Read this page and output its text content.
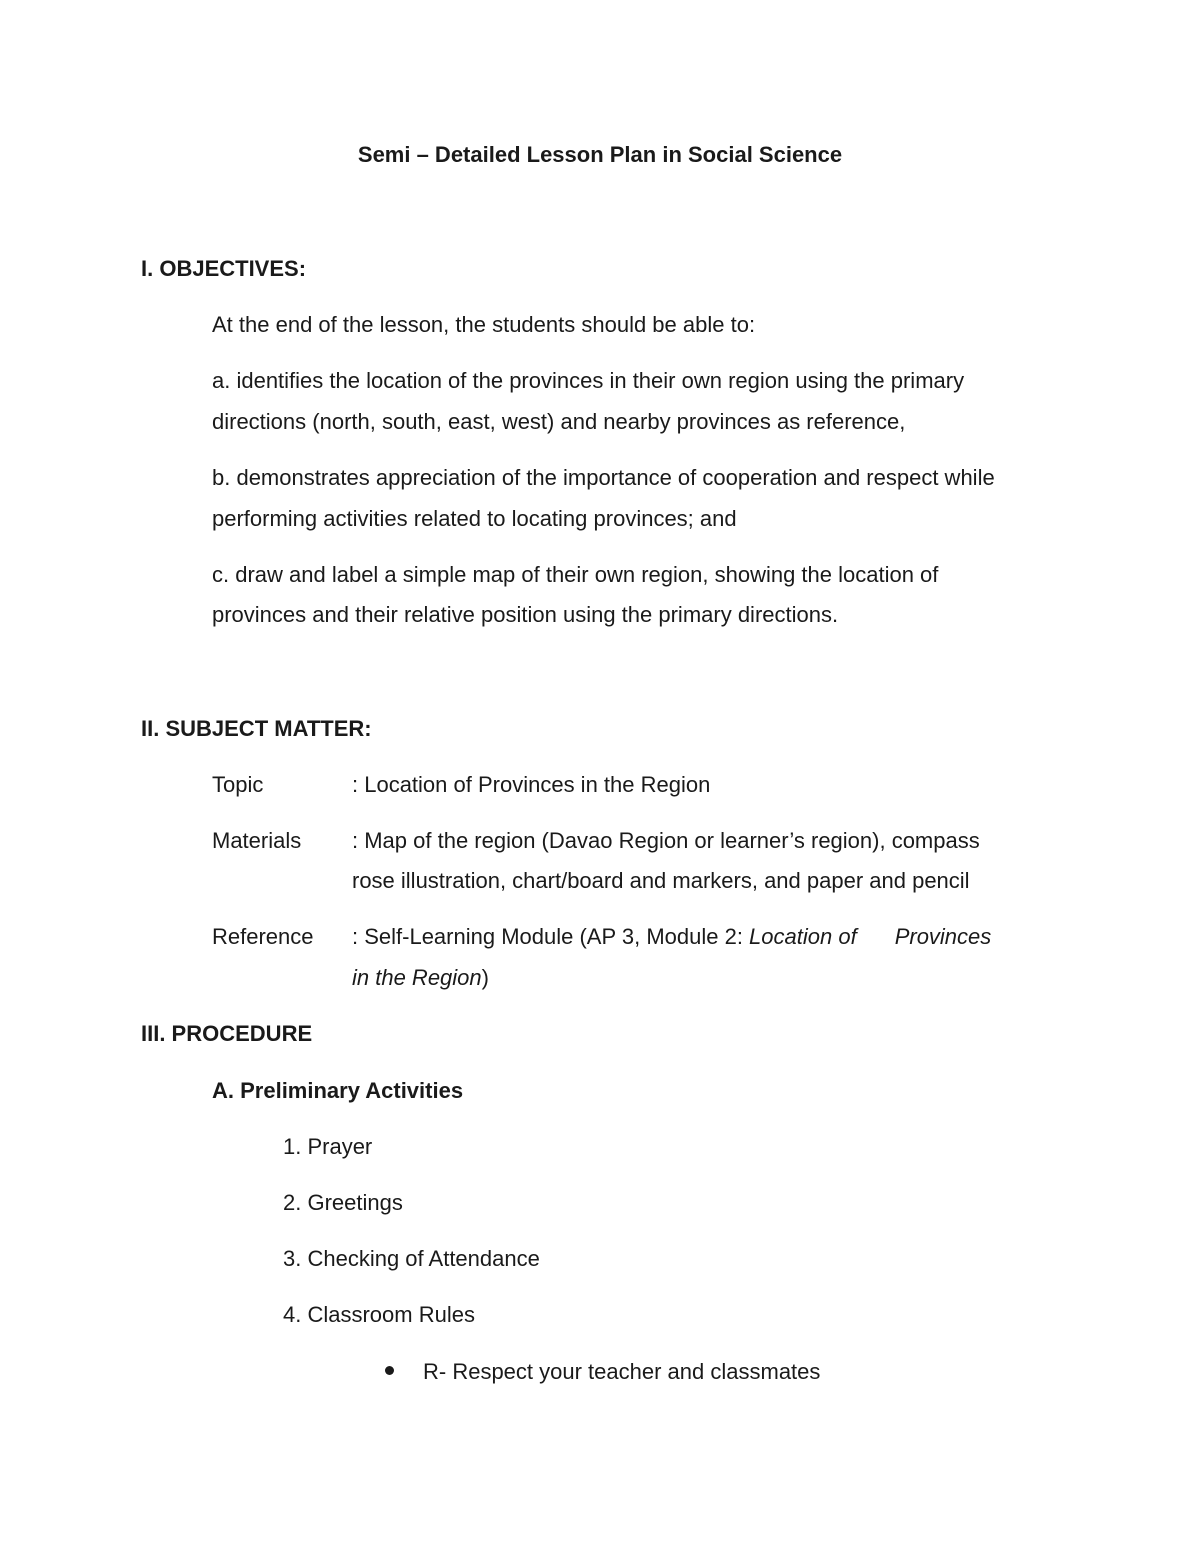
Semi – Detailed Lesson Plan in Social Science
I. OBJECTIVES:
At the end of the lesson, the students should be able to:
a. identifies the location of the provinces in their own region using the primary
directions (north, south, east, west) and nearby provinces as reference,
b. demonstrates appreciation of the importance of cooperation and respect while
performing activities related to locating provinces; and
c. draw and label a simple map of their own region, showing the location of
provinces and their relative position using the primary directions.
II. SUBJECT MATTER:
Topic	: Location of Provinces in the Region
Materials : Map of the region (Davao Region or learner’s region), compass
rose illustration, chart/board and markers, and paper and pencil
Reference : Self-Learning Module (AP 3, Module 2: Location of Provinces
in the Region)
III. PROCEDURE
A. Preliminary Activities
1. Prayer
2. Greetings
3. Checking of Attendance
4. Classroom Rules
R- Respect your teacher and classmates
